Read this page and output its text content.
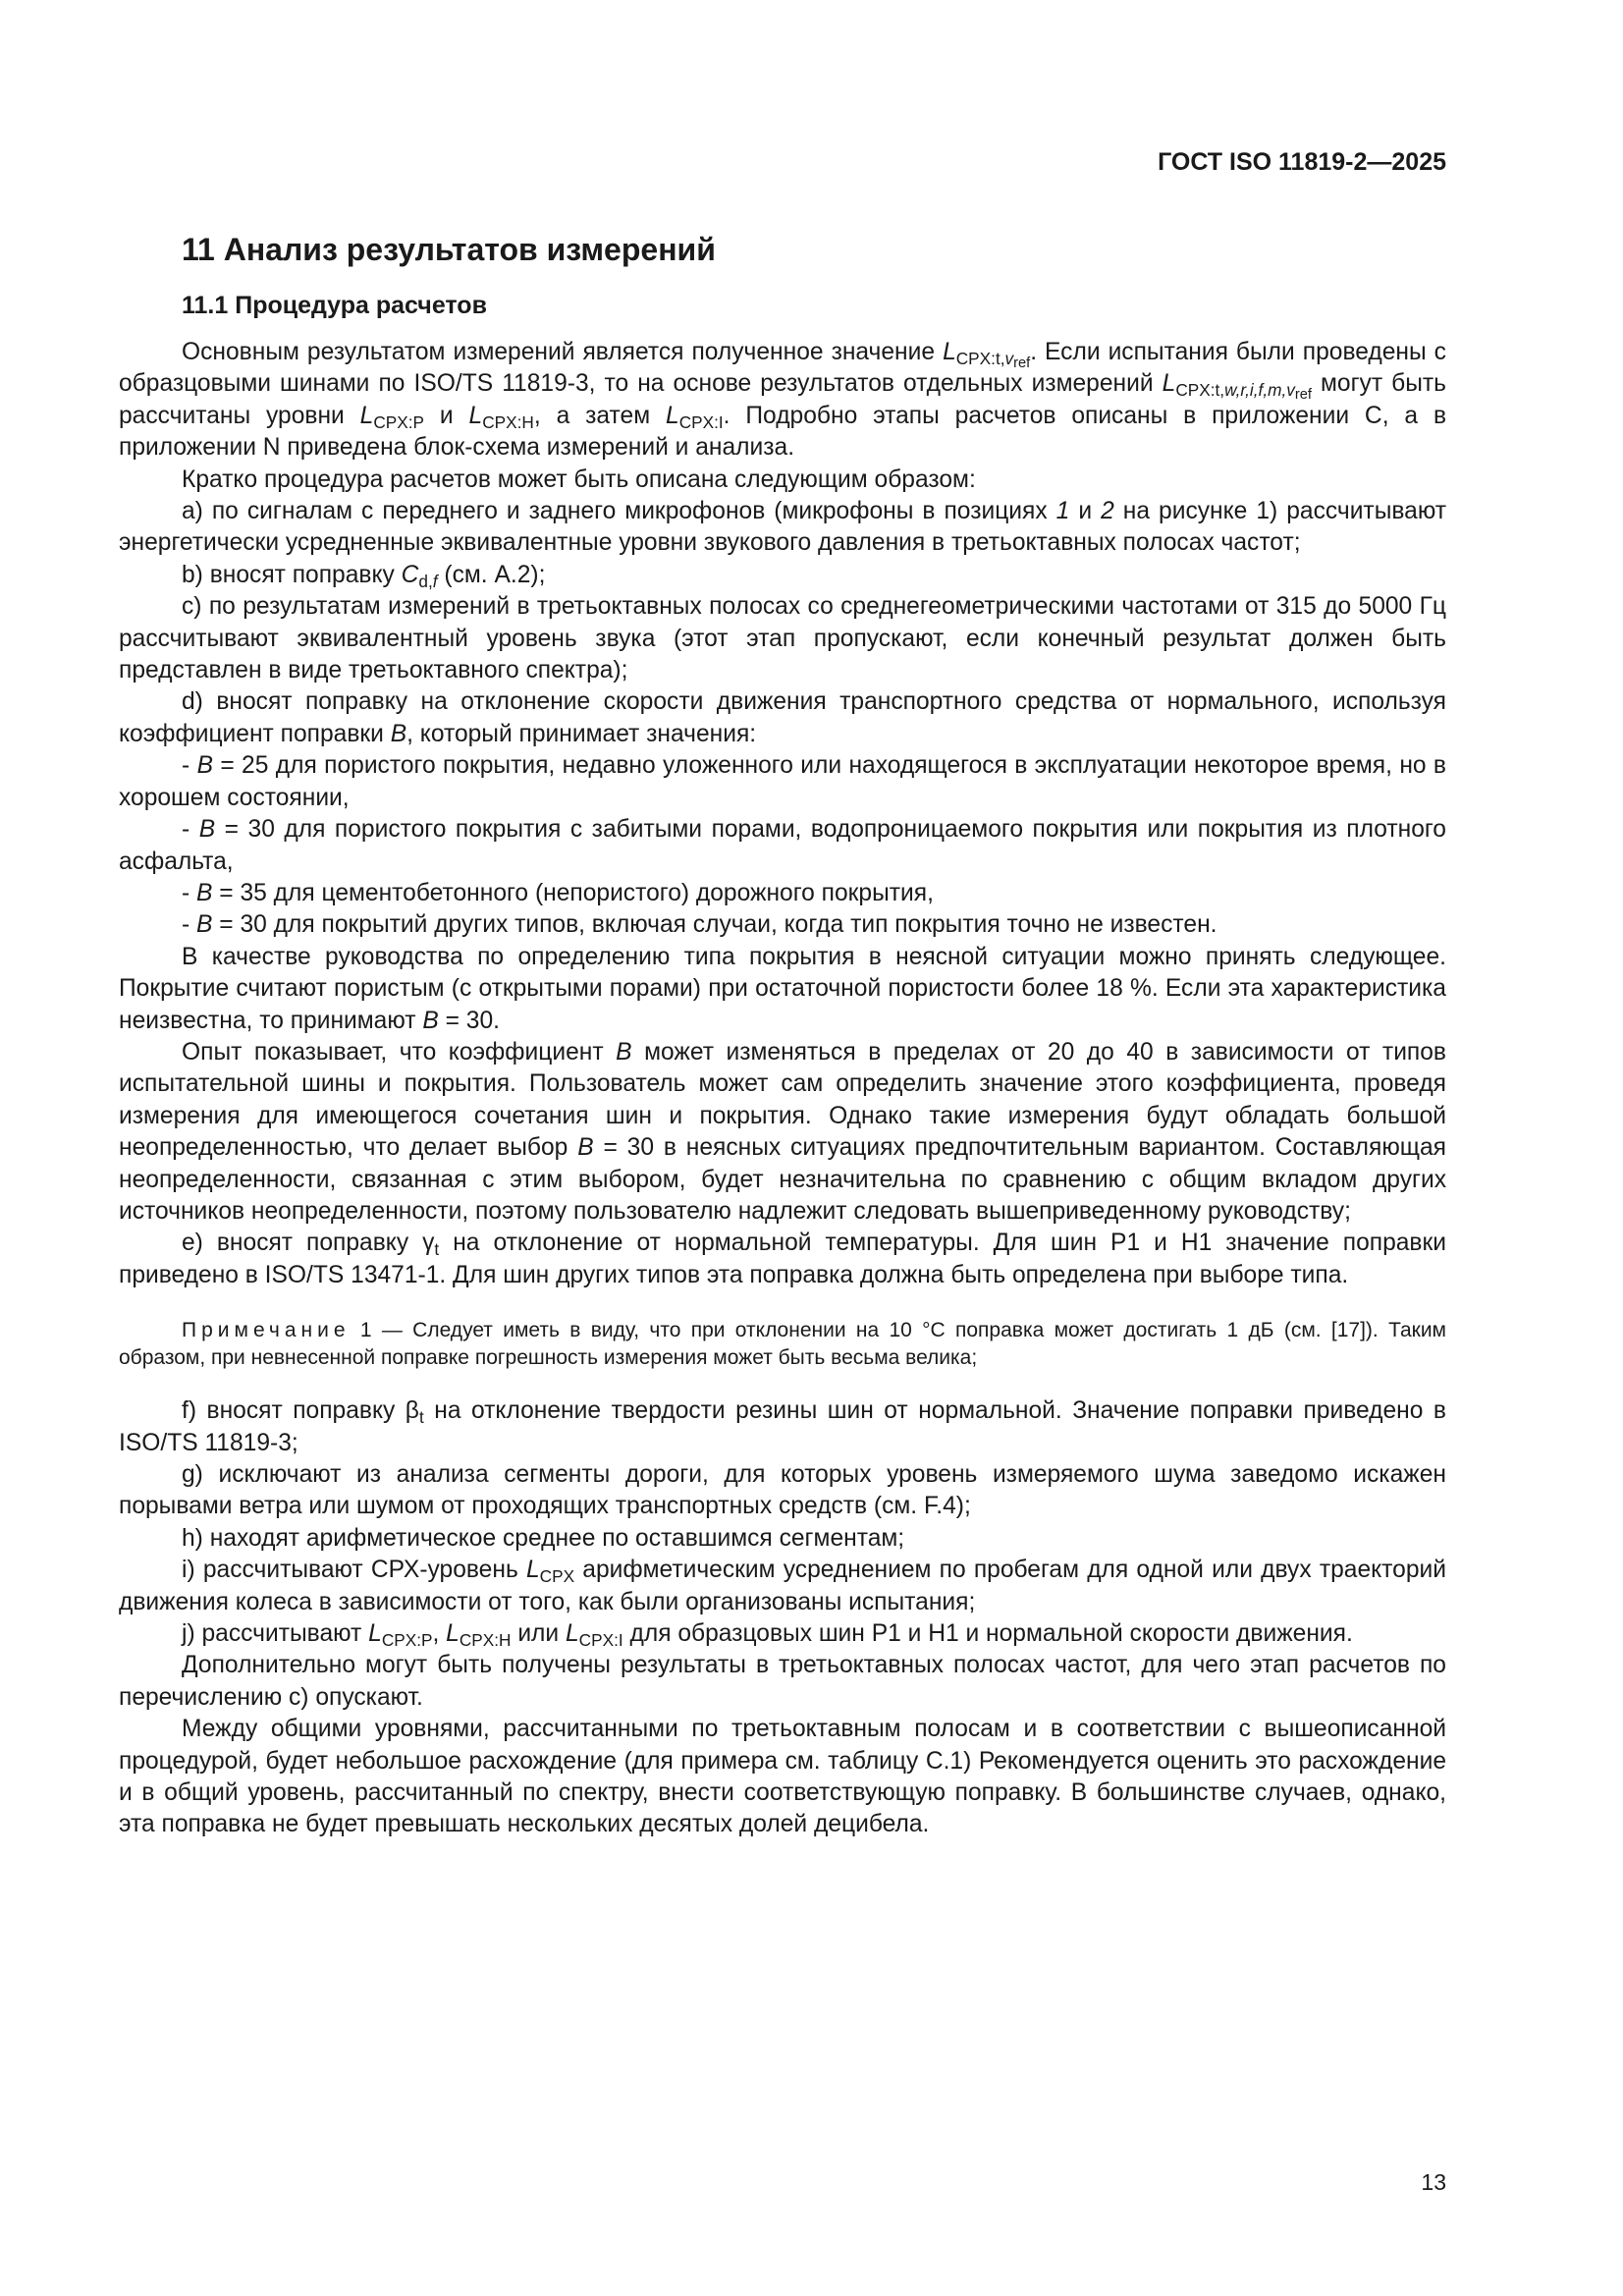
ГОСТ ISO 11819-2—2025
11 Анализ результатов измерений
11.1 Процедура расчетов

Основным результатом измерений является полученное значение $L_{CPX:t,v_{ref}}$. Если испытания были проведены с образцовыми шинами по ISO/TS 11819-3, то на основе результатов отдельных измерений $L_{CPX:t,w,r,i,f,m,v_{ref}}$ могут быть рассчитаны уровни $L_{CPX:P}$ и $L_{CPX:H}$, а затем $L_{CPX:I}$. Подробно этапы расчетов описаны в приложении С, а в приложении N приведена блок-схема измерений и анализа.

Кратко процедура расчетов может быть описана следующим образом:

a) по сигналам с переднего и заднего микрофонов (микрофоны в позициях 1 и 2 на рисунке 1) рассчитывают энергетически усредненные эквивалентные уровни звукового давления в третьоктавных полосах частот;

b) вносят поправку $C_{d,f}$ (см. А.2);

c) по результатам измерений в третьоктавных полосах со среднегеометрическими частотами от 315 до 5000 Гц рассчитывают эквивалентный уровень звука (этот этап пропускают, если конечный результат должен быть представлен в виде третьоктавного спектра);

d) вносят поправку на отклонение скорости движения транспортного средства от нормального, используя коэффициент поправки B, который принимает значения:

- B = 25 для пористого покрытия, недавно уложенного или находящегося в эксплуатации некоторое время, но в хорошем состоянии,

- B = 30 для пористого покрытия с забитыми порами, водопроницаемого покрытия или покрытия из плотного асфальта,

- B = 35 для цементобетонного (непористого) дорожного покрытия,

- B = 30 для покрытий других типов, включая случаи, когда тип покрытия точно не известен.

В качестве руководства по определению типа покрытия в неясной ситуации можно принять следующее. Покрытие считают пористым (с открытыми порами) при остаточной пористости более 18 %. Если эта характеристика неизвестна, то принимают B = 30.

Опыт показывает, что коэффициент B может изменяться в пределах от 20 до 40 в зависимости от типов испытательной шины и покрытия. Пользователь может сам определить значение этого коэффициента, проведя измерения для имеющегося сочетания шин и покрытия. Однако такие измерения будут обладать большой неопределенностью, что делает выбор B = 30 в неясных ситуациях предпочтительным вариантом. Составляющая неопределенности, связанная с этим выбором, будет незначительна по сравнению с общим вкладом других источников неопределенности, поэтому пользователю надлежит следовать вышеприведенному руководству;

e) вносят поправку $\gamma_t$ на отклонение от нормальной температуры. Для шин P1 и H1 значение поправки приведено в ISO/TS 13471-1. Для шин других типов эта поправка должна быть определена при выборе типа.

Примечание 1 — Следует иметь в виду, что при отклонении на 10 °С поправка может достигать 1 дБ (см. [17]). Таким образом, при невнесенной поправке погрешность измерения может быть весьма велика;

f) вносят поправку $\beta_t$ на отклонение твердости резины шин от нормальной. Значение поправки приведено в ISO/TS 11819-3;

g) исключают из анализа сегменты дороги, для которых уровень измеряемого шума заведомо искажен порывами ветра или шумом от проходящих транспортных средств (см. F.4);

h) находят арифметическое среднее по оставшимся сегментам;

i) рассчитывают СРХ-уровень $L_{CPX}$ арифметическим усреднением по пробегам для одной или двух траекторий движения колеса в зависимости от того, как были организованы испытания;

j) рассчитывают $L_{CPX:P}$, $L_{CPX:H}$ или $L_{CPX:I}$ для образцовых шин P1 и H1 и нормальной скорости движения.

Дополнительно могут быть получены результаты в третьоктавных полосах частот, для чего этап расчетов по перечислению c) опускают.

Между общими уровнями, рассчитанными по третьоктавным полосам и в соответствии с вышеописанной процедурой, будет небольшое расхождение (для примера см. таблицу С.1) Рекомендуется оценить это расхождение и в общий уровень, рассчитанный по спектру, внести соответствующую поправку. В большинстве случаев, однако, эта поправка не будет превышать нескольких десятых долей децибела.

13
